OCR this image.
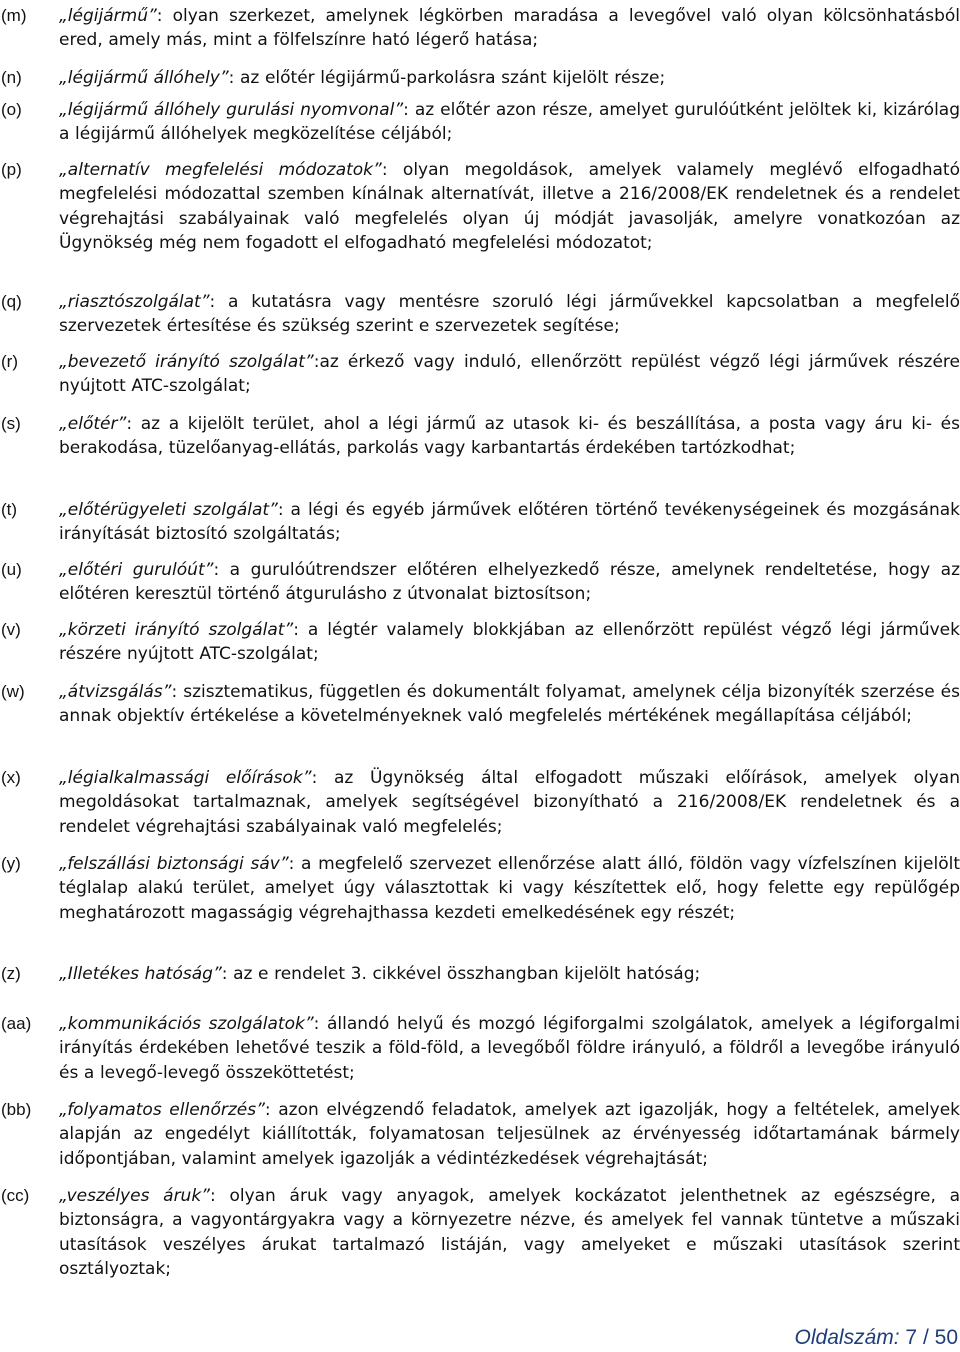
(m)	„légijármű”: olyan szerkezet, amelynek légkörben maradása a levegővel való olyan kölcsönhatásból ered, amely más, mint a fölfelszínre ható légerő hatása;
(n)	„légijármű állóhely”: az előtér légijármű-parkolásra szánt kijelölt része;
(o)	„légijármű állóhely gurulási nyomvonal”: az előtér azon része, amelyet gurulóútként jelöltek ki, kizárólag a légijármű állóhelyek megközelítése céljából;
(p)	„alternatív megfelelési módozatok”: olyan megoldások, amelyek valamely meglévő elfogadható megfelelési módozattal szemben kínálnak alternatívát, illetve a 216/2008/EK rendeletnek és a rendelet végrehajtási szabályainak való megfelelés olyan új módját javasolják, amelyre vonatkozóan az Ügynökség még nem fogadott el elfogadható megfelelési módozatot;
(q)	„riasztószolgálat”: a kutatásra vagy mentésre szoruló légi járművekkel kapcsolatban a megfelelő szervezetek értesítése és szükség szerint e szervezetek segítése;
(r)	„bevezető irányító szolgálat”:az érkező vagy induló, ellenőrzött repülést végző légi járművek részére nyújtott ATC-szolgálat;
(s)	„előtér”: az a kijelölt terület, ahol a légi jármű az utasok ki- és beszállítása, a posta vagy áru ki- és berakodása, tüzelőanyag-ellátás, parkolás vagy karbantartás érdekében tartózkodhat;
(t)	„előtérügyeleti szolgálat”: a légi és egyéb járművek előtéren történő tevékenységeinek és mozgásának irányítását biztosító szolgáltatás;
(u)	„előtéri gurulóút”: a gurulóútrendszer előtéren elhelyezkedő része, amelynek rendeltetése, hogy az előtéren keresztül történő átgurulásho z útvonalat biztosítson;
(v)	„körzeti irányító szolgálat”: a légtér valamely blokkjában az ellenőrzött repülést végző légi járművek részére nyújtott ATC-szolgálat;
(w)	„átvizsgálás”: szisztematikus, független és dokumentált folyamat, amelynek célja bizonyíték szerzése és annak objektív értékelése a követelményeknek való megfelelés mértékének megállapítása céljából;
(x)	„légialkalmassági előírások”: az Ügynökség által elfogadott műszaki előírások, amelyek olyan megoldásokat tartalmaznak, amelyek segítségével bizonyítható a 216/2008/EK rendeletnek és a rendelet végrehajtási szabályainak való megfelelés;
(y)	„felszállási biztonsági sáv”: a megfelelő szervezet ellenőrzése alatt álló, földön vagy vízfelszínen kijelölt téglalap alakú terület, amelyet úgy választottak ki vagy készítettek elő, hogy felette egy repülőgép meghatározott magasságig végrehajthassa kezdeti emelkedésének egy részét;
(z)	„Illetékes hatóság”: az e rendelet 3. cikkével összhangban kijelölt hatóság;
(aa)	„kommunikációs szolgálatok”: állandó helyű és mozgó légiforgalmi szolgálatok, amelyek a légiforgalmi irányítás érdekében lehetővé teszik a föld-föld, a levegőből földre irányuló, a földről a levegőbe irányuló és a levegő-levegő összeköttetést;
(bb)	„folyamatos ellenőrzés”: azon elvégzendő feladatok, amelyek azt igazolják, hogy a feltételek, amelyek alapján az engedélyt kiállították, folyamatosan teljesülnek az érvényesség időtartamának bármely időpontjában, valamint amelyek igazolják a védintézkedések végrehajtását;
(cc)	„veszélyes áruk”: olyan áruk vagy anyagok, amelyek kockázatot jelenthetnek az egészségre, a biztonságra, a vagyontárgyakra vagy a környezetre nézve, és amelyek fel vannak tüntetve a műszaki utasítások veszélyes árukat tartalmazó listáján, vagy amelyeket e műszaki utasítások szerint osztályoztak;
Oldalszám: 7 / 50
